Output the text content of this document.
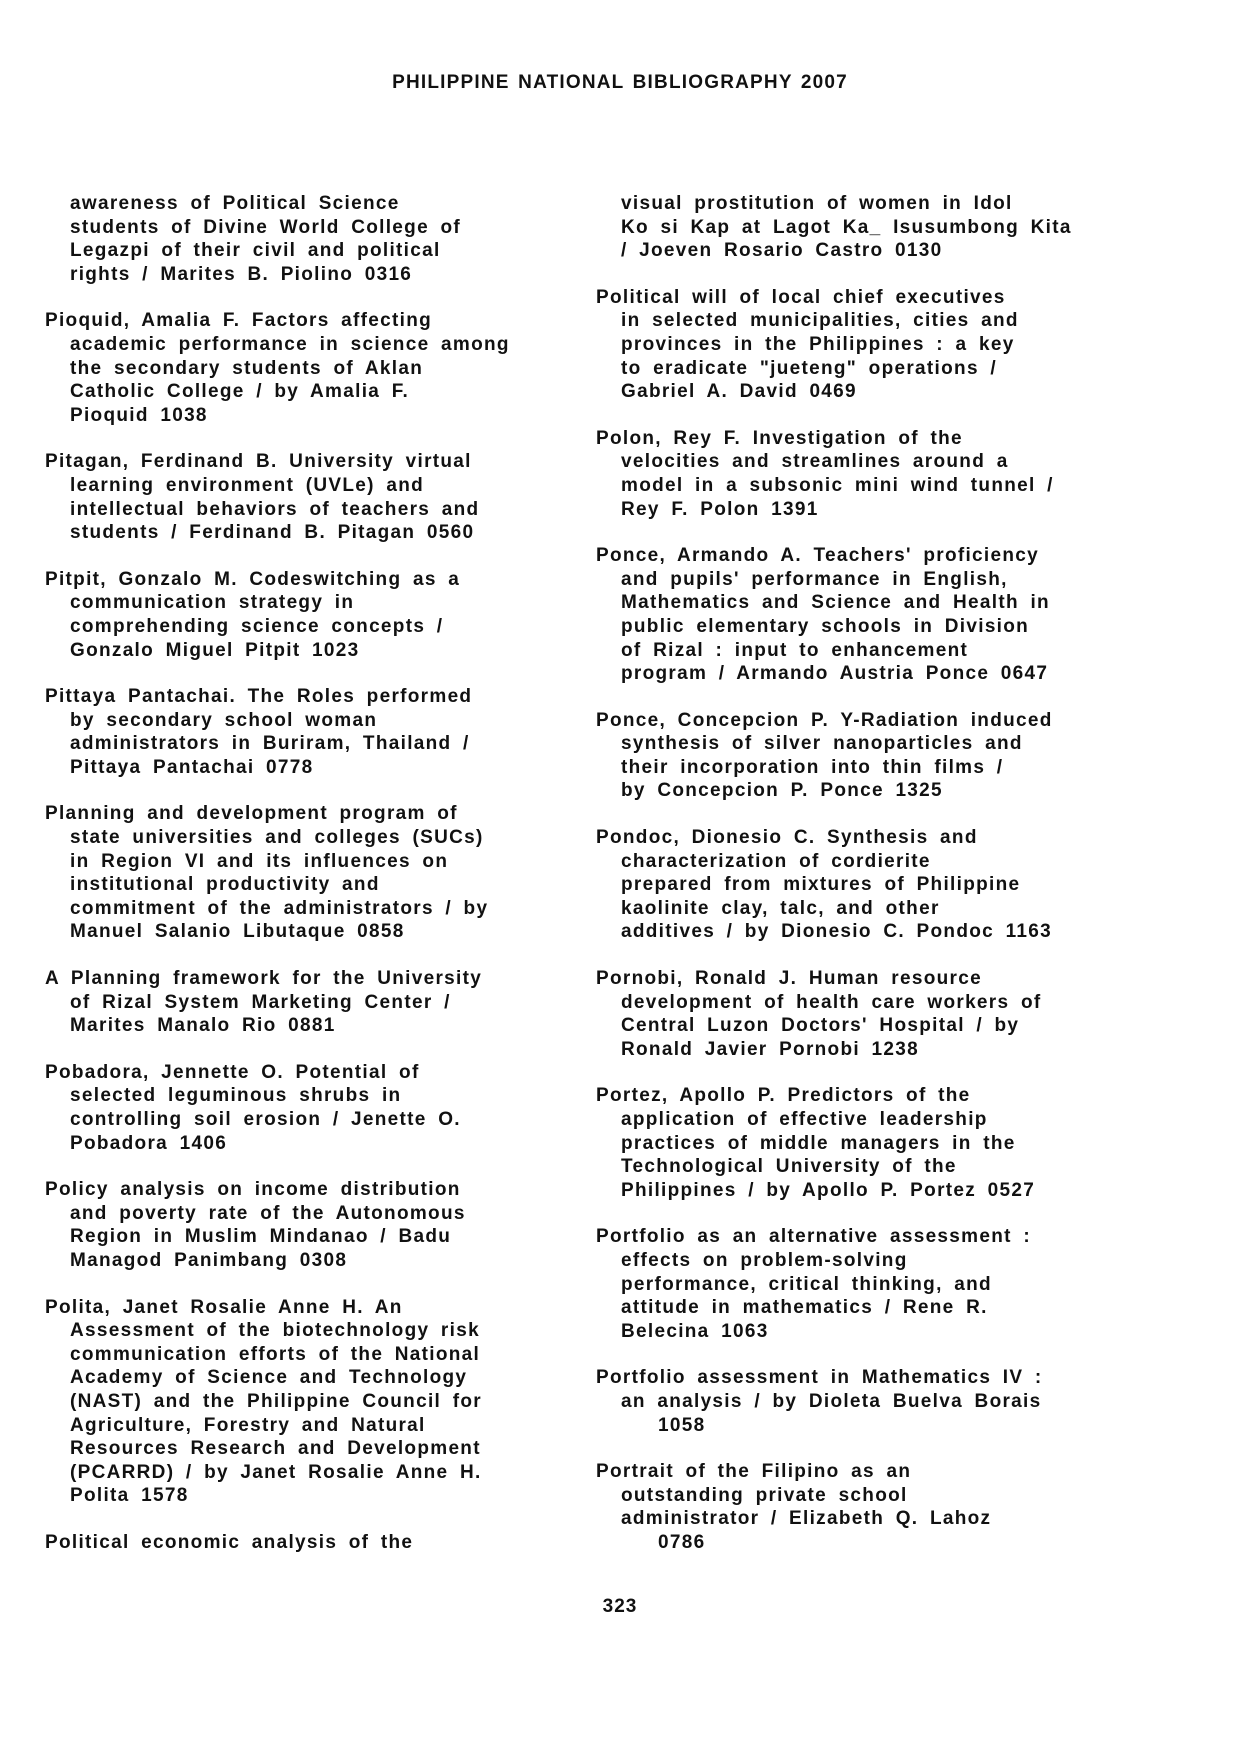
PHILIPPINE NATIONAL BIBLIOGRAPHY 2007
awareness of Political Science
students of Divine World College of
Legazpi of their civil and political
rights / Marites B. Piolino 0316
Pioquid, Amalia F. Factors affecting
academic performance in science among
the secondary students of Aklan
Catholic College / by Amalia F.
Pioquid 1038
Pitagan, Ferdinand B. University virtual
learning environment (UVLe) and
intellectual behaviors of teachers and
students / Ferdinand B. Pitagan 0560
Pitpit, Gonzalo M. Codeswitching as a
communication strategy in
comprehending science concepts /
Gonzalo Miguel Pitpit 1023
Pittaya Pantachai. The Roles performed
by secondary school woman
administrators in Buriram, Thailand /
Pittaya Pantachai 0778
Planning and development program of
state universities and colleges (SUCs)
in Region VI and its influences on
institutional productivity and
commitment of the administrators / by
Manuel Salanio Libutaque 0858
A Planning framework for the University
of Rizal System Marketing Center /
Marites Manalo Rio 0881
Pobadora, Jennette O. Potential of
selected leguminous shrubs in
controlling soil erosion / Jenette O.
Pobadora 1406
Policy analysis on income distribution
and poverty rate of the Autonomous
Region in Muslim Mindanao / Badu
Managod Panimbang 0308
Polita, Janet Rosalie Anne H. An
Assessment of the biotechnology risk
communication efforts of the National
Academy of Science and Technology
(NAST) and the Philippine Council for
Agriculture, Forestry and Natural
Resources Research and Development
(PCARRD) / by Janet Rosalie Anne H.
Polita 1578
Political economic analysis of the
visual prostitution of women in Idol
Ko si Kap at Lagot Ka_ Isusumbong Kita
/ Joeven Rosario Castro 0130
Political will of local chief executives
in selected municipalities, cities and
provinces in the Philippines : a key
to eradicate "jueteng" operations /
Gabriel A. David 0469
Polon, Rey F. Investigation of the
velocities and streamlines around a
model in a subsonic mini wind tunnel /
Rey F. Polon 1391
Ponce, Armando A. Teachers' proficiency
and pupils' performance in English,
Mathematics and Science and Health in
public elementary schools in Division
of Rizal : input to enhancement
program / Armando Austria Ponce 0647
Ponce, Concepcion P. Y-Radiation induced
synthesis of silver nanoparticles and
their incorporation into thin films /
by Concepcion P. Ponce 1325
Pondoc, Dionesio C. Synthesis and
characterization of cordierite
prepared from mixtures of Philippine
kaolinite clay, talc, and other
additives / by Dionesio C. Pondoc 1163
Pornobi, Ronald J. Human resource
development of health care workers of
Central Luzon Doctors' Hospital / by
Ronald Javier Pornobi 1238
Portez, Apollo P. Predictors of the
application of effective leadership
practices of middle managers in the
Technological University of the
Philippines / by Apollo P. Portez 0527
Portfolio as an alternative assessment :
effects on problem-solving
performance, critical thinking, and
attitude in mathematics / Rene R.
Belecina 1063
Portfolio assessment in Mathematics IV :
an analysis / by Dioleta Buelva Borais
1058
Portrait of the Filipino as an
outstanding private school
administrator / Elizabeth Q. Lahoz
0786
323
